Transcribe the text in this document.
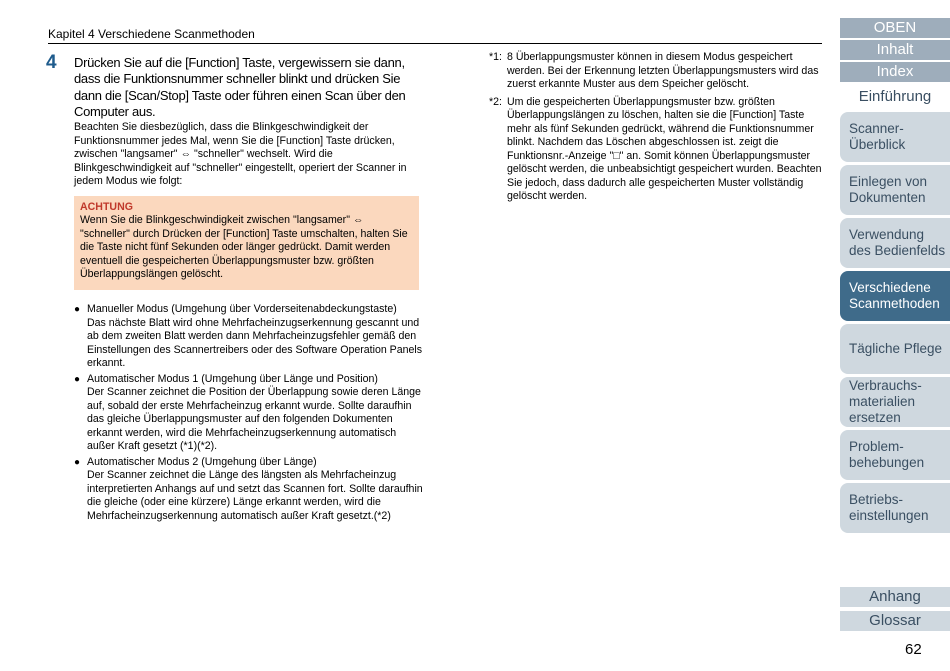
Kapitel 4 Verschiedene Scanmethoden
4 Drücken Sie auf die [Function] Taste, vergewissern sie dann, dass die Funktionsnummer schneller blinkt und drücken Sie dann die [Scan/Stop] Taste oder führen einen Scan über den Computer aus.
Beachten Sie diesbezüglich, dass die Blinkgeschwindigkeit der Funktionsnummer jedes Mal, wenn Sie die [Function] Taste drücken, zwischen "langsamer" ⇔ "schneller" wechselt. Wird die Blinkgeschwindigkeit auf "schneller" eingestellt, operiert der Scanner in jedem Modus wie folgt:
ACHTUNG
Wenn Sie die Blinkgeschwindigkeit zwischen "langsamer" ⇔ "schneller" durch Drücken der [Function] Taste umschalten, halten Sie die Taste nicht fünf Sekunden oder länger gedrückt. Damit werden eventuell die gespeicherten Überlappungsmuster bzw. größten Überlappungslängen gelöscht.
● Manueller Modus (Umgehung über Vorderseitenabdeckungstaste)
Das nächste Blatt wird ohne Mehrfacheinzugserkennung gescannt und ab dem zweiten Blatt werden dann Mehrfacheinzugsfehler gemäß den Einstellungen des Scannertreibers oder des Software Operation Panels erkannt.
● Automatischer Modus 1 (Umgehung über Länge und Position)
Der Scanner zeichnet die Position der Überlappung sowie deren Länge auf, sobald der erste Mehrfacheinzug erkannt wurde. Sollte daraufhin das gleiche Überlappungsmuster auf den folgenden Dokumenten erkannt werden, wird die Mehrfacheinzugserkennung automatisch außer Kraft gesetzt (*1)(*2).
● Automatischer Modus 2 (Umgehung über Länge)
Der Scanner zeichnet die Länge des längsten als Mehrfacheinzug interpretierten Anhangs auf und setzt das Scannen fort. Sollte daraufhin die gleiche (oder eine kürzere) Länge erkannt werden, wird die Mehrfacheinzugserkennung automatisch außer Kraft gesetzt.(*2)
*1: 8 Überlappungsmuster können in diesem Modus gespeichert werden. Bei der Erkennung letzten Überlappungsmusters wird das zuerst erkannte Muster aus dem Speicher gelöscht.
*2: Um die gespeicherten Überlappungsmuster bzw. größten Überlappungslängen zu löschen, halten sie die [Function] Taste mehr als fünf Sekunden gedrückt, während die Funktionsnummer blinkt. Nachdem das Löschen abgeschlossen ist. zeigt die Funktionsnr.-Anzeige "□" an. Somit können Überlappungsmuster gelöscht werden, die unbeabsichtigt gespeichert wurden. Beachten Sie jedoch, dass dadurch alle gespeicherten Muster vollständig gelöscht werden.
OBEN
Inhalt
Index
Einführung
Scanner-
Überblick
Einlegen von
Dokumenten
Verwendung
des Bedienfelds
Verschiedene
Scanmethoden
Tägliche Pflege
Verbrauchs-
materialien
ersetzen
Problem-
behebungen
Betriebs-
einstellungen
Anhang
Glossar
62
